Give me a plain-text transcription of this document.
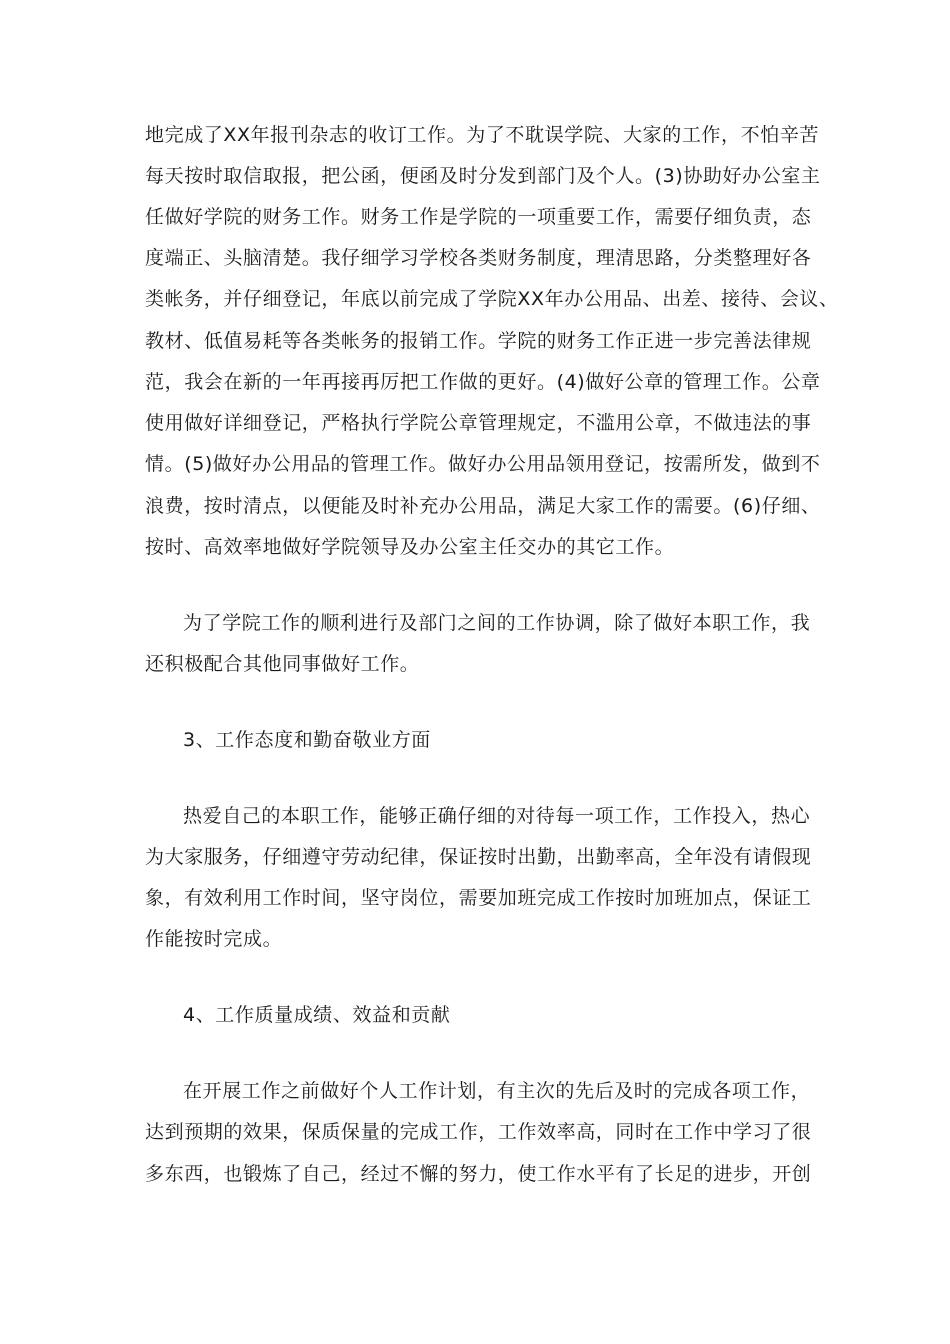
地完成了XX年报刊杂志的收订工作。为了不耽误学院、大家的工作，不怕辛苦
每天按时取信取报，把公函，便函及时分发到部门及个人。(3)协助好办公室主
任做好学院的财务工作。财务工作是学院的一项重要工作，需要仔细负责，态
度端正、头脑清楚。我仔细学习学校各类财务制度，理清思路，分类整理好各
类帐务，并仔细登记，年底以前完成了学院XX年办公用品、出差、接待、会议、
教材、低值易耗等各类帐务的报销工作。学院的财务工作正进一步完善法律规
范，我会在新的一年再接再厉把工作做的更好。(4)做好公章的管理工作。公章
使用做好详细登记，严格执行学院公章管理规定，不滥用公章，不做违法的事
情。(5)做好办公用品的管理工作。做好办公用品领用登记，按需所发，做到不
浪费，按时清点，以便能及时补充办公用品，满足大家工作的需要。(6)仔细、
按时、高效率地做好学院领导及办公室主任交办的其它工作。
为了学院工作的顺利进行及部门之间的工作协调，除了做好本职工作，我
还积极配合其他同事做好工作。
3、工作态度和勤奋敬业方面
热爱自己的本职工作，能够正确仔细的对待每一项工作，工作投入，热心
为大家服务，仔细遵守劳动纪律，保证按时出勤，出勤率高，全年没有请假现
象，有效利用工作时间，坚守岗位，需要加班完成工作按时加班加点，保证工
作能按时完成。
4、工作质量成绩、效益和贡献
在开展工作之前做好个人工作计划，有主次的先后及时的完成各项工作，
达到预期的效果，保质保量的完成工作，工作效率高，同时在工作中学习了很
多东西，也锻炼了自己，经过不懈的努力，使工作水平有了长足的进步，开创
